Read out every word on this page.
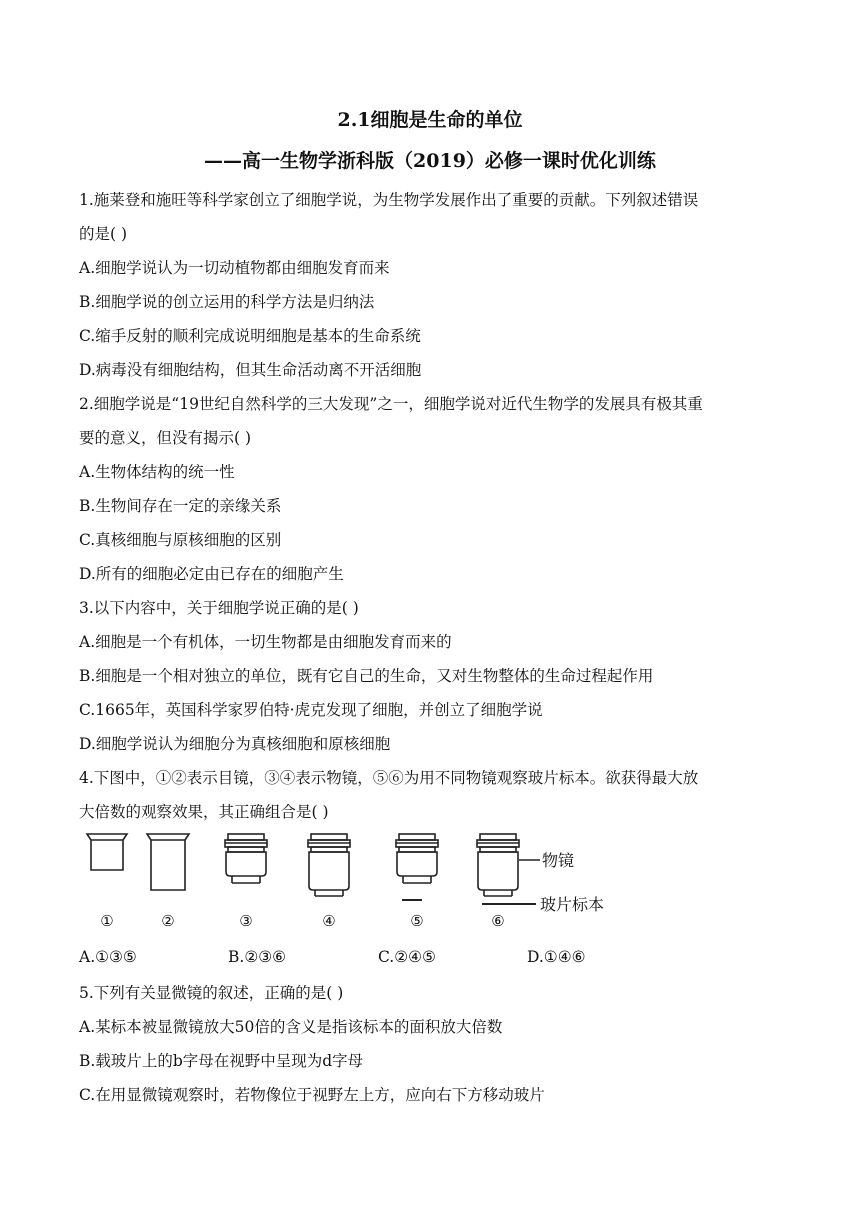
2.1细胞是生命的单位
——高一生物学浙科版（2019）必修一课时优化训练
1.施莱登和施旺等科学家创立了细胞学说，为生物学发展作出了重要的贡献。下列叙述错误
的是( )
A.细胞学说认为一切动植物都由细胞发育而来
B.细胞学说的创立运用的科学方法是归纳法
C.缩手反射的顺利完成说明细胞是基本的生命系统
D.病毒没有细胞结构，但其生命活动离不开活细胞
2.细胞学说是“19世纪自然科学的三大发现”之一，细胞学说对近代生物学的发展具有极其重
要的意义，但没有揭示( )
A.生物体结构的统一性
B.生物间存在一定的亲缘关系
C.真核细胞与原核细胞的区别
D.所有的细胞必定由已存在的细胞产生
3.以下内容中，关于细胞学说正确的是( )
A.细胞是一个有机体，一切生物都是由细胞发育而来的
B.细胞是一个相对独立的单位，既有它自己的生命，又对生物整体的生命过程起作用
C.1665年，英国科学家罗伯特·虎克发现了细胞，并创立了细胞学说
D.细胞学说认为细胞分为真核细胞和原核细胞
4.下图中，①②表示目镜，③④表示物镜，⑤⑥为用不同物镜观察玻片标本。欲获得最大放
大倍数的观察效果，其正确组合是( )
①	②	③	④	⑤	⑥
物镜
玻片标本
A.①③⑤	B.②③⑥	C.②④⑤	D.①④⑥
5.下列有关显微镜的叙述，正确的是( )
A.某标本被显微镜放大50倍的含义是指该标本的面积放大倍数
B.载玻片上的b字母在视野中呈现为d字母
C.在用显微镜观察时，若物像位于视野左上方，应向右下方移动玻片
